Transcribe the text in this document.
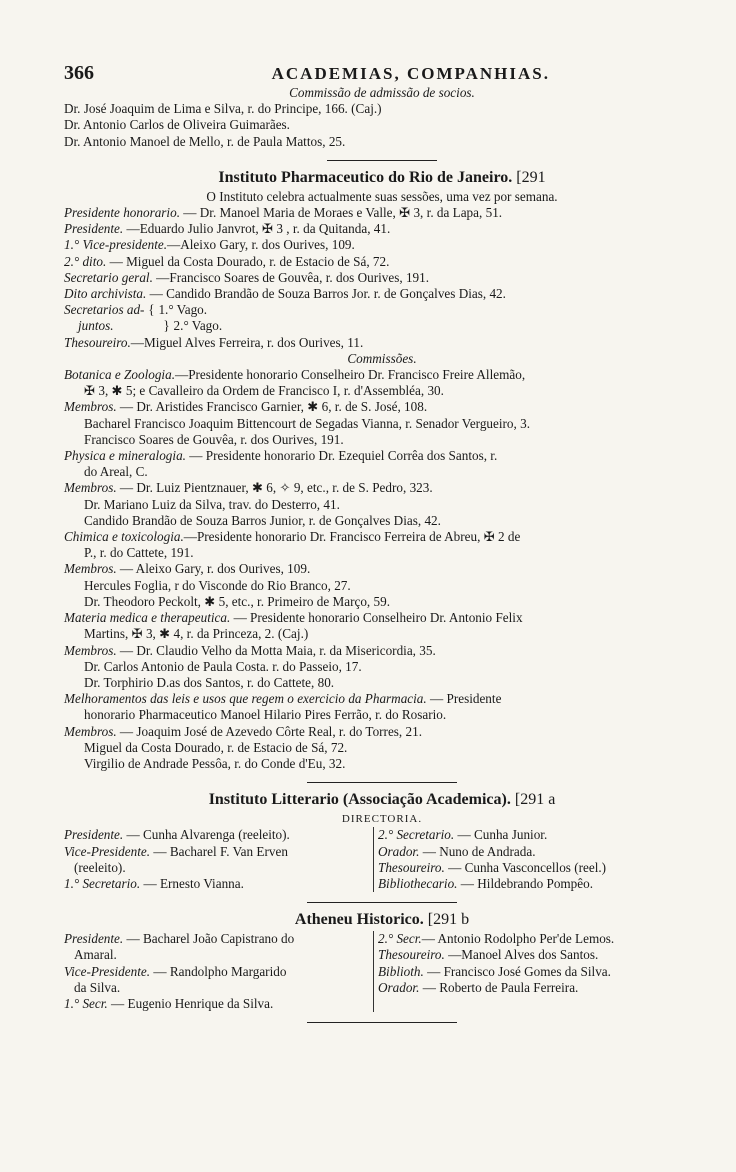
366	ACADEMIAS, COMPANHIAS.
Commissão de admissão de socios.
Dr. José Joaquim de Lima e Silva, r. do Principe, 166. (Caj.)
Dr. Antonio Carlos de Oliveira Guimarães.
Dr. Antonio Manoel de Mello, r. de Paula Mattos, 25.
Instituto Pharmaceutico do Rio de Janeiro. [291
O Instituto celebra actualmente suas sessões, uma vez por semana.
Presidente honorario. — Dr. Manoel Maria de Moraes e Valle, ✠ 3, r. da Lapa, 51.
Presidente. —Eduardo Julio Janvrot, ✠ 3 , r. da Quitanda, 41.
1.° Vice-presidente.—Aleixo Gary, r. dos Ourives, 109.
2.° dito. — Miguel da Costa Dourado, r. de Estacio de Sá, 72.
Secretario geral. —Francisco Soares de Gouvêa, r. dos Ourives, 191.
Dito archivista. — Candido Brandão de Souza Barros Jor. r. de Gonçalves Dias, 42.
Secretarios ad- { 1.° Vago.
juntos.	} 2.° Vago.
Thesoureiro.—Miguel Alves Ferreira, r. dos Ourives, 11.
Commissões.
Botanica e Zoologia.—Presidente honorario Conselheiro Dr. Francisco Freire Allemão,
✠ 3, ✱ 5; e Cavalleiro da Ordem de Francisco I, r. d'Assembléa, 30.
Membros. — Dr. Aristides Francisco Garnier, ✱ 6, r. de S. José, 108.
Bacharel Francisco Joaquim Bittencourt de Segadas Vianna, r. Senador Vergueiro, 3.
Francisco Soares de Gouvêa, r. dos Ourives, 191.
Physica e mineralogia. — Presidente honorario Dr. Ezequiel Corrêa dos Santos, r.
do Areal, C.
Membros. — Dr. Luiz Pientznauer, ✱ 6, ✧ 9, etc., r. de S. Pedro, 323.
Dr. Mariano Luiz da Silva, trav. do Desterro, 41.
Candido Brandão de Souza Barros Junior, r. de Gonçalves Dias, 42.
Chimica e toxicologia.—Presidente honorario Dr. Francisco Ferreira de Abreu, ✠ 2 de
P., r. do Cattete, 191.
Membros. — Aleixo Gary, r. dos Ourives, 109.
Hercules Foglia, r do Visconde do Rio Branco, 27.
Dr. Theodoro Peckolt, ✱ 5, etc., r. Primeiro de Março, 59.
Materia medica e therapeutica. — Presidente honorario Conselheiro Dr. Antonio Felix
Martins, ✠ 3, ✱ 4, r. da Princeza, 2. (Caj.)
Membros. — Dr. Claudio Velho da Motta Maia, r. da Misericordia, 35.
Dr. Carlos Antonio de Paula Costa. r. do Passeio, 17.
Dr. Torphirio D.as dos Santos, r. do Cattete, 80.
Melhoramentos das leis e usos que regem o exercicio da Pharmacia. — Presidente
honorario Pharmaceutico Manoel Hilario Pires Ferrão, r. do Rosario.
Membros. — Joaquim José de Azevedo Côrte Real, r. do Torres, 21.
Miguel da Costa Dourado, r. de Estacio de Sá, 72.
Virgilio de Andrade Pessôa, r. do Conde d'Eu, 32.
Instituto Litterario (Associação Academica). [291 a
DIRECTORIA.
Presidente. — Cunha Alvarenga (reeleito).	2.° Secretario. — Cunha Junior.
Vice-Presidente. — Bacharel F. Van Erven	Orador. — Nuno de Andrada.
(reeleito).	Thesoureiro. — Cunha Vasconcellos (reel.)
1.° Secretario. — Ernesto Vianna.	Bibliothecario. — Hildebrando Pompêo.
Atheneu Historico. [291 b
Presidente. — Bacharel João Capistrano do	2.° Secr.— Antonio Rodolpho Per'de Lemos.
Amaral.	Thesoureiro. —Manoel Alves dos Santos.
Vice-Presidente. — Randolpho Margarido	Biblioth. — Francisco José Gomes da Silva.
da Silva.	Orador. — Roberto de Paula Ferreira.
1.° Secr. — Eugenio Henrique da Silva.
